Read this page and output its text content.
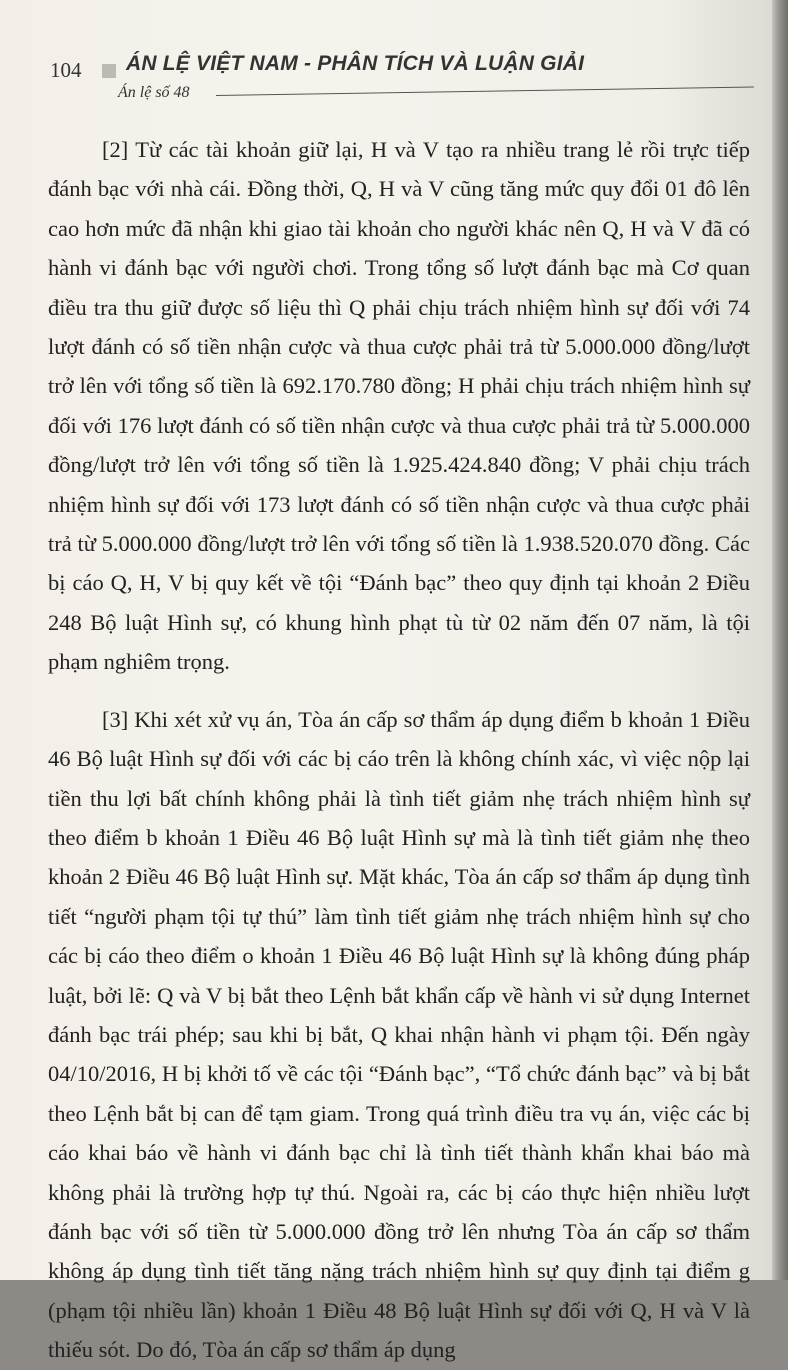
104 ÁN LỆ VIỆT NAM - PHÂN TÍCH VÀ LUẬN GIẢI
Án lệ số 48

[2] Từ các tài khoản giữ lại, H và V tạo ra nhiều trang lẻ rồi trực tiếp đánh bạc với nhà cái. Đồng thời, Q, H và V cũng tăng mức quy đổi 01 đô lên cao hơn mức đã nhận khi giao tài khoản cho người khác nên Q, H và V đã có hành vi đánh bạc với người chơi. Trong tổng số lượt đánh bạc mà Cơ quan điều tra thu giữ được số liệu thì Q phải chịu trách nhiệm hình sự đối với 74 lượt đánh có số tiền nhận cược và thua cược phải trả từ 5.000.000 đồng/lượt trở lên với tổng số tiền là 692.170.780 đồng; H phải chịu trách nhiệm hình sự đối với 176 lượt đánh có số tiền nhận cược và thua cược phải trả từ 5.000.000 đồng/lượt trở lên với tổng số tiền là 1.925.424.840 đồng; V phải chịu trách nhiệm hình sự đối với 173 lượt đánh có số tiền nhận cược và thua cược phải trả từ 5.000.000 đồng/lượt trở lên với tổng số tiền là 1.938.520.070 đồng. Các bị cáo Q, H, V bị quy kết về tội “Đánh bạc” theo quy định tại khoản 2 Điều 248 Bộ luật Hình sự, có khung hình phạt tù từ 02 năm đến 07 năm, là tội phạm nghiêm trọng.

[3] Khi xét xử vụ án, Tòa án cấp sơ thẩm áp dụng điểm b khoản 1 Điều 46 Bộ luật Hình sự đối với các bị cáo trên là không chính xác, vì việc nộp lại tiền thu lợi bất chính không phải là tình tiết giảm nhẹ trách nhiệm hình sự theo điểm b khoản 1 Điều 46 Bộ luật Hình sự mà là tình tiết giảm nhẹ theo khoản 2 Điều 46 Bộ luật Hình sự. Mặt khác, Tòa án cấp sơ thẩm áp dụng tình tiết “người phạm tội tự thú” làm tình tiết giảm nhẹ trách nhiệm hình sự cho các bị cáo theo điểm o khoản 1 Điều 46 Bộ luật Hình sự là không đúng pháp luật, bởi lẽ: Q và V bị bắt theo Lệnh bắt khẩn cấp về hành vi sử dụng Internet đánh bạc trái phép; sau khi bị bắt, Q khai nhận hành vi phạm tội. Đến ngày 04/10/2016, H bị khởi tố về các tội “Đánh bạc”, “Tổ chức đánh bạc” và bị bắt theo Lệnh bắt bị can để tạm giam. Trong quá trình điều tra vụ án, việc các bị cáo khai báo về hành vi đánh bạc chỉ là tình tiết thành khẩn khai báo mà không phải là trường hợp tự thú. Ngoài ra, các bị cáo thực hiện nhiều lượt đánh bạc với số tiền từ 5.000.000 đồng trở lên nhưng Tòa án cấp sơ thẩm không áp dụng tình tiết tăng nặng trách nhiệm hình sự quy định tại điểm g (phạm tội nhiều lần) khoản 1 Điều 48 Bộ luật Hình sự đối với Q, H và V là thiếu sót. Do đó, Tòa án cấp sơ thẩm áp dụng
